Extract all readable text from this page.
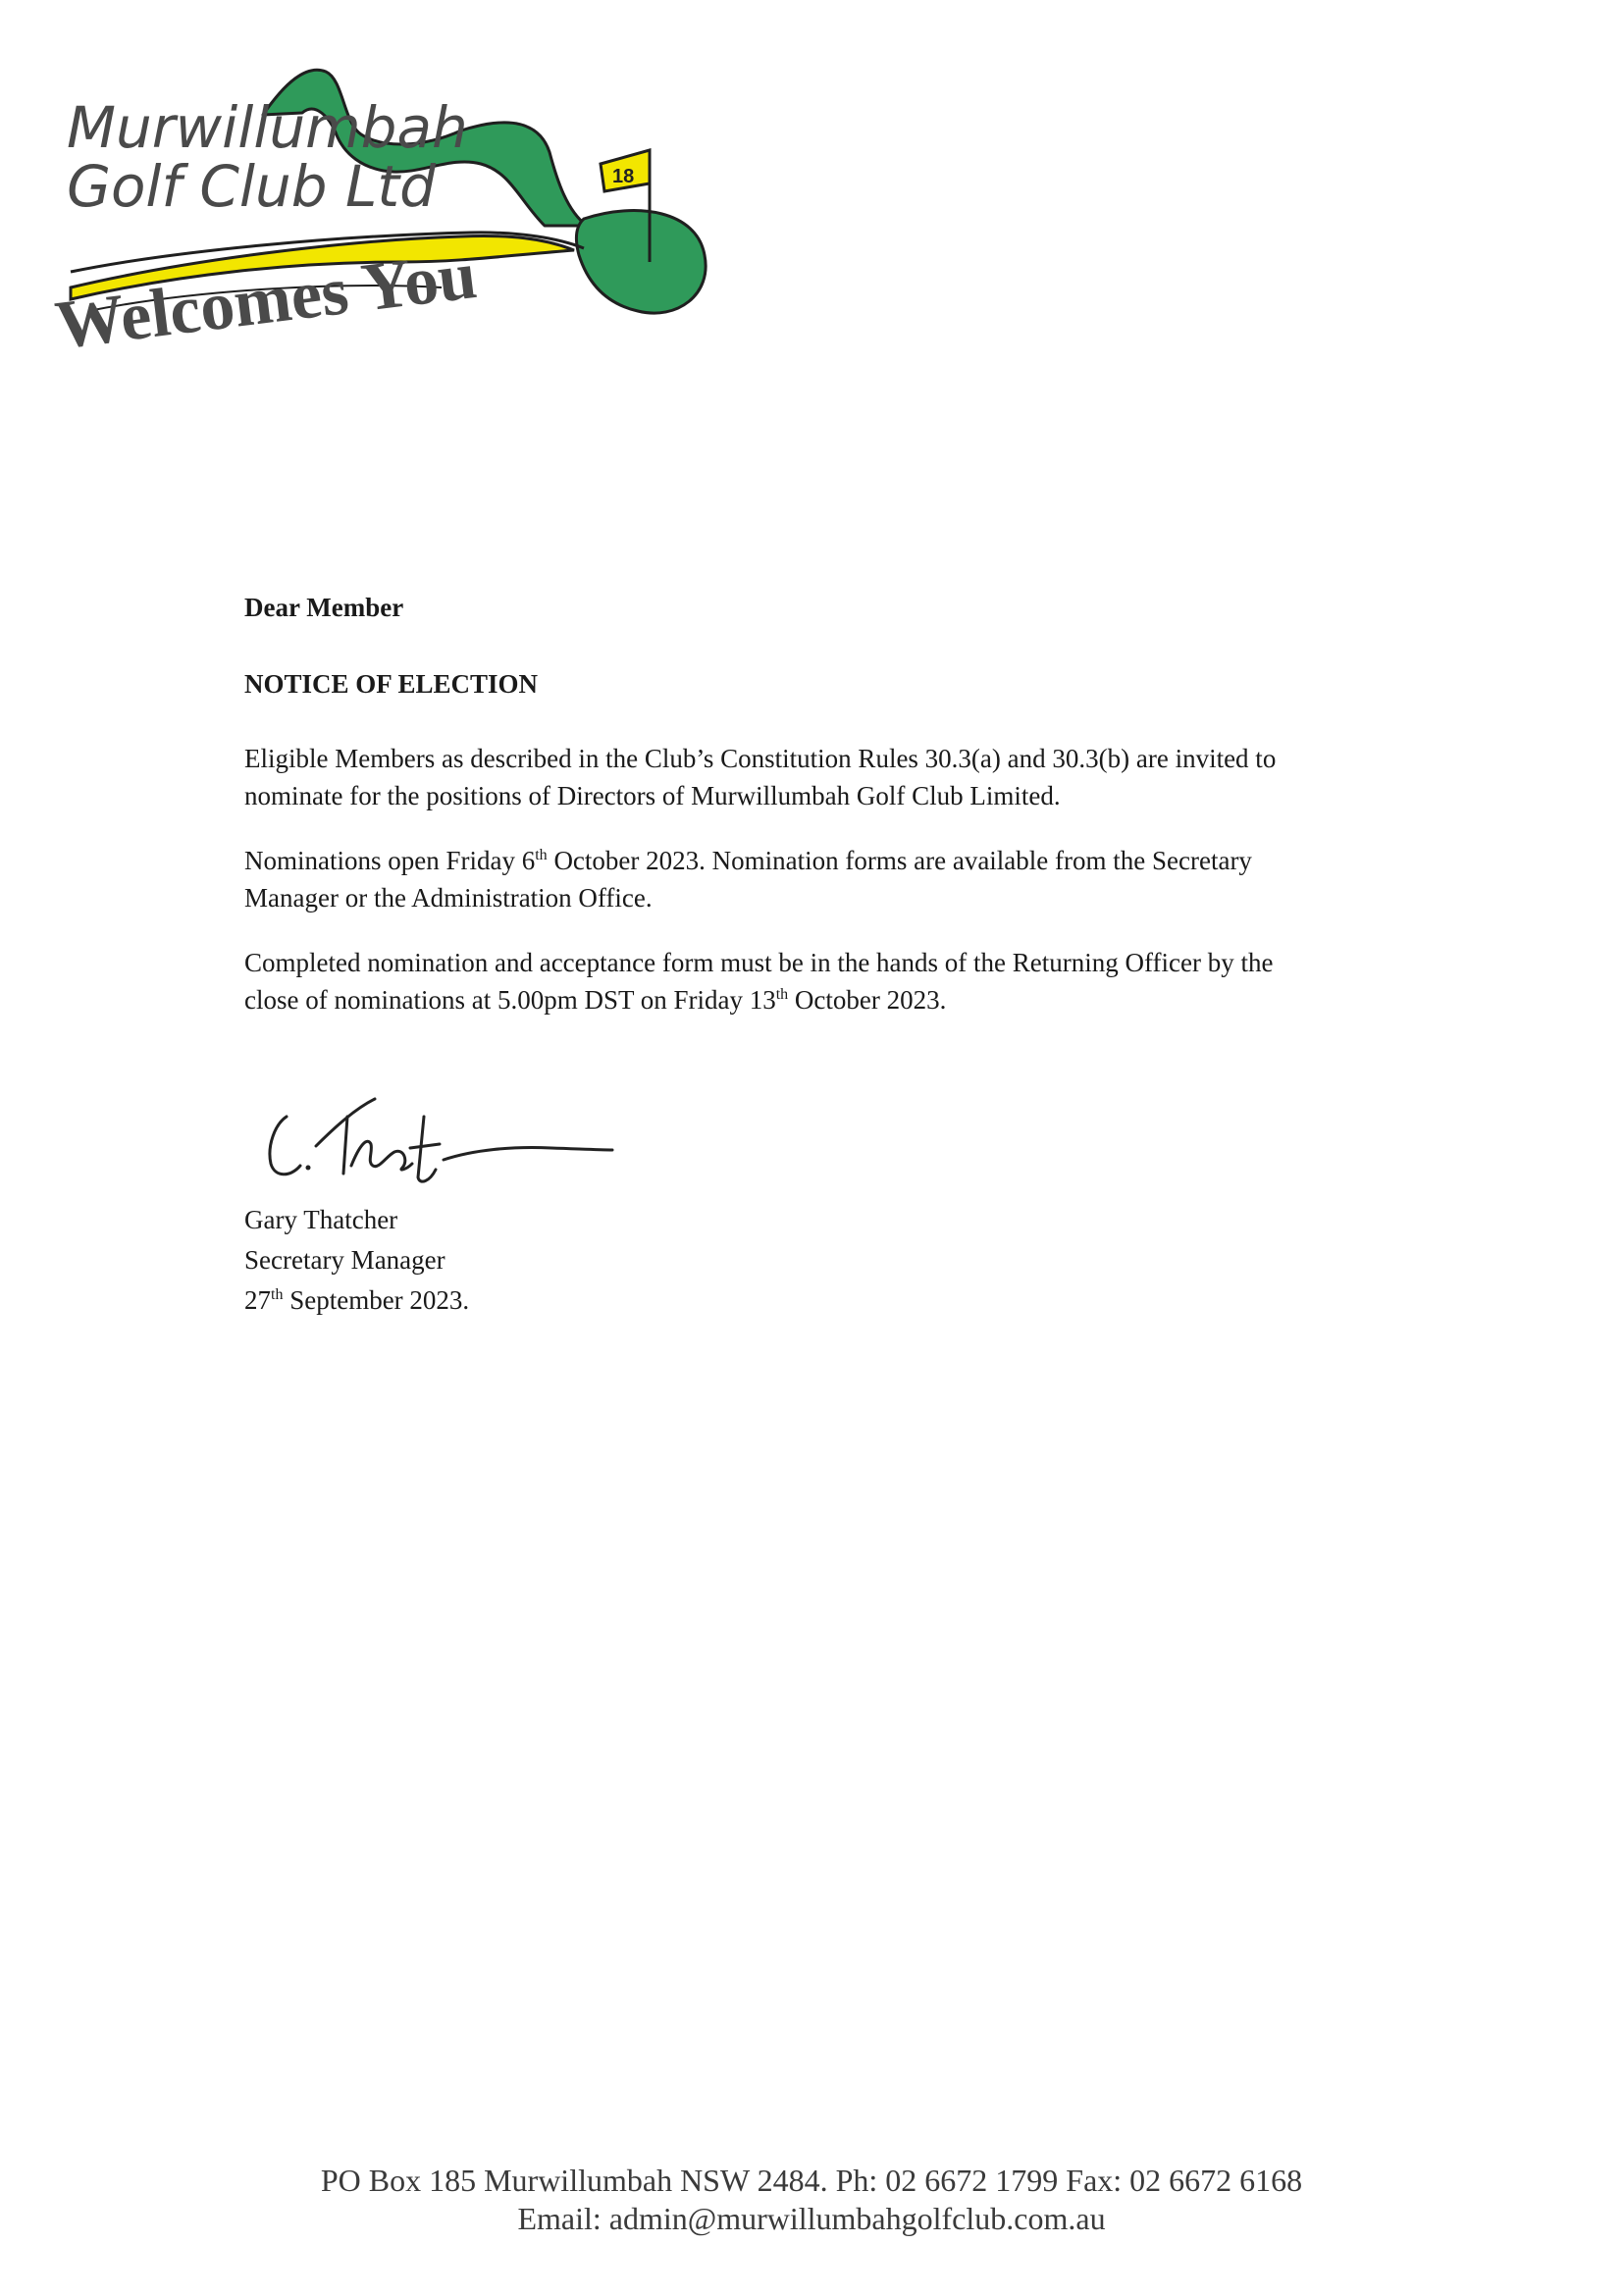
Murwillumbah
Golf Club Ltd	18
Welcomes You
Dear Member
NOTICE OF ELECTION

Eligible Members as described in the Club’s Constitution Rules 30.3(a) and 30.3(b) are invited to

nominate for the positions of Directors of Murwillumbah Golf Club Limited.

Nominations open Friday 6th October 2023. Nomination forms are available from the Secretary

Manager or the Administration Office.

Completed nomination and acceptance form must be in the hands of the Returning Officer by the

close of nominations at 5.00pm DST on Friday 13th October 2023.

Gary Thatcher
Secretary Manager
27th September 2023.
PO Box 185 Murwillumbah NSW 2484. Ph: 02 6672 1799 Fax: 02 6672 6168
Email: admin@murwillumbahgolfclub.com.au
